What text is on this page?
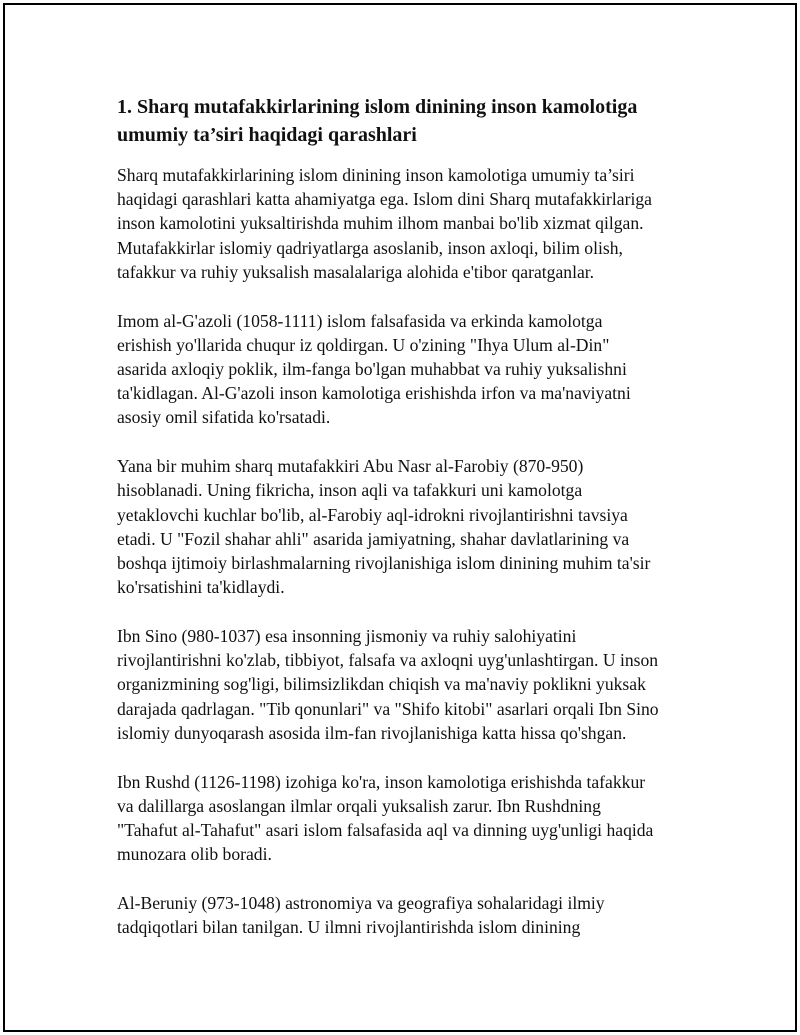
1. Sharq mutafakkirlarining islom dinining inson kamolotiga
umumiy ta’siri haqidagi qarashlari

Sharq mutafakkirlarining islom dinining inson kamolotiga umumiy ta’siri
haqidagi qarashlari katta ahamiyatga ega. Islom dini Sharq mutafakkirlariga
inson kamolotini yuksaltirishda muhim ilhom manbai bo'lib xizmat qilgan.
Mutafakkirlar islomiy qadriyatlarga asoslanib, inson axloqi, bilim olish,
tafakkur va ruhiy yuksalish masalalariga alohida e'tibor qaratganlar.

Imom al-G'azoli (1058-1111) islom falsafasida va erkinda kamolotga
erishish yo'llarida chuqur iz qoldirgan. U o'zining "Ihya Ulum al-Din"
asarida axloqiy poklik, ilm-fanga bo'lgan muhabbat va ruhiy yuksalishni
ta'kidlagan. Al-G'azoli inson kamolotiga erishishda irfon va ma'naviyatni
asosiy omil sifatida ko'rsatadi.

Yana bir muhim sharq mutafakkiri Abu Nasr al-Farobiy (870-950)
hisoblanadi. Uning fikricha, inson aqli va tafakkuri uni kamolotga
yetaklovchi kuchlar bo'lib, al-Farobiy aql-idrokni rivojlantirishni tavsiya
etadi. U "Fozil shahar ahli" asarida jamiyatning, shahar davlatlarining va
boshqa ijtimoiy birlashmalarning rivojlanishiga islom dinining muhim ta'sir
ko'rsatishini ta'kidlaydi.

Ibn Sino (980-1037) esa insonning jismoniy va ruhiy salohiyatini
rivojlantirishni ko'zlab, tibbiyot, falsafa va axloqni uyg'unlashtirgan. U inson
organizmining sog'ligi, bilimsizlikdan chiqish va ma'naviy poklikni yuksak
darajada qadrlagan. "Tib qonunlari" va "Shifo kitobi" asarlari orqali Ibn Sino
islomiy dunyoqarash asosida ilm-fan rivojlanishiga katta hissa qo'shgan.

Ibn Rushd (1126-1198) izohiga ko'ra, inson kamolotiga erishishda tafakkur
va dalillarga asoslangan ilmlar orqali yuksalish zarur. Ibn Rushdning
"Tahafut al-Tahafut" asari islom falsafasida aql va dinning uyg'unligi haqida
munozara olib boradi.

Al-Beruniy (973-1048) astronomiya va geografiya sohalaridagi ilmiy
tadqiqotlari bilan tanilgan. U ilmni rivojlantirishda islom dinining
